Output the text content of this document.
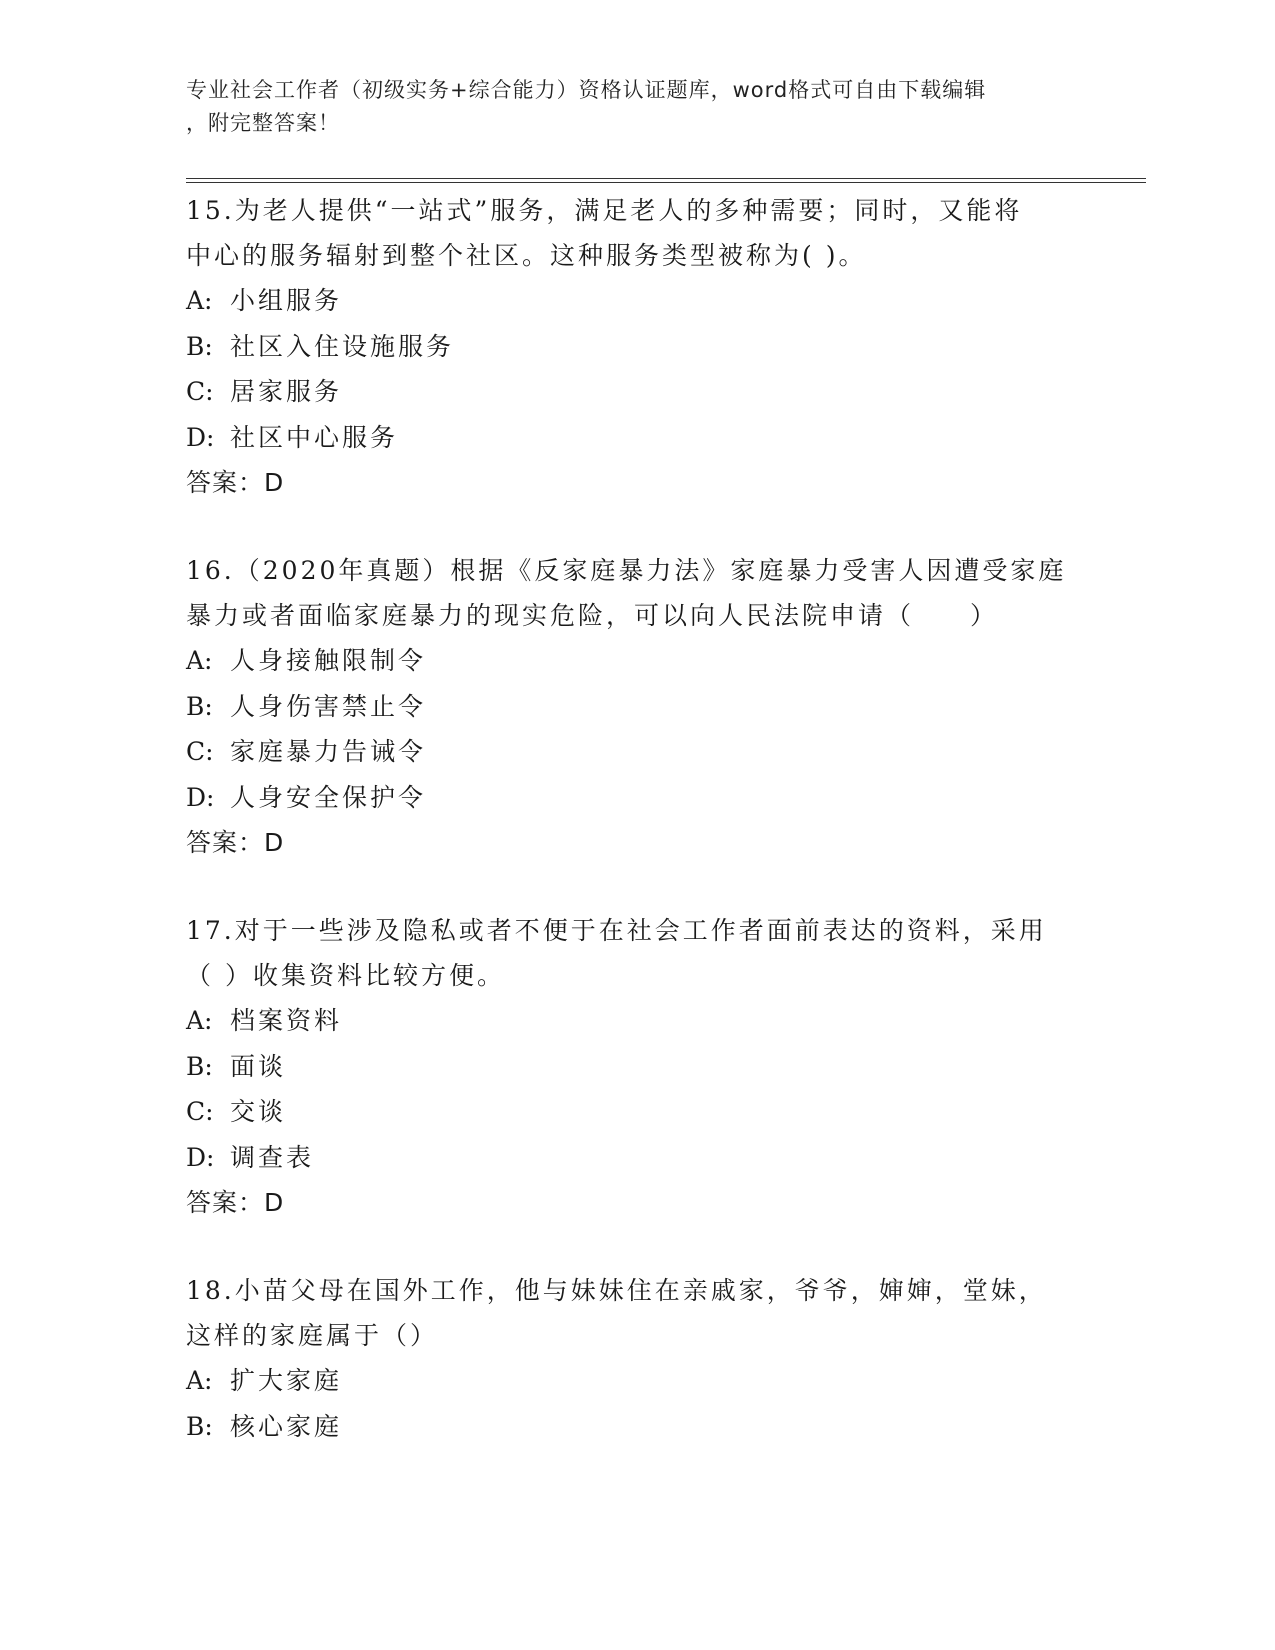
专业社会工作者（初级实务+综合能力）资格认证题库，word格式可自由下载编辑
，附完整答案！
15.为老人提供“一站式”服务，满足老人的多种需要；同时，又能将
中心的服务辐射到整个社区。这种服务类型被称为( )。
A: 小组服务
B: 社区入住设施服务
C: 居家服务
D: 社区中心服务
答案：D
16.（2020年真题）根据《反家庭暴力法》家庭暴力受害人因遭受家庭
暴力或者面临家庭暴力的现实危险，可以向人民法院申请（　　）
A: 人身接触限制令
B: 人身伤害禁止令
C: 家庭暴力告诫令
D: 人身安全保护令
答案：D
17.对于一些涉及隐私或者不便于在社会工作者面前表达的资料，采用
（ ）收集资料比较方便。
A: 档案资料
B: 面谈
C: 交谈
D: 调查表
答案：D
18.小苗父母在国外工作，他与妹妹住在亲戚家，爷爷，婶婶，堂妹，
这样的家庭属于（）
A: 扩大家庭
B: 核心家庭
